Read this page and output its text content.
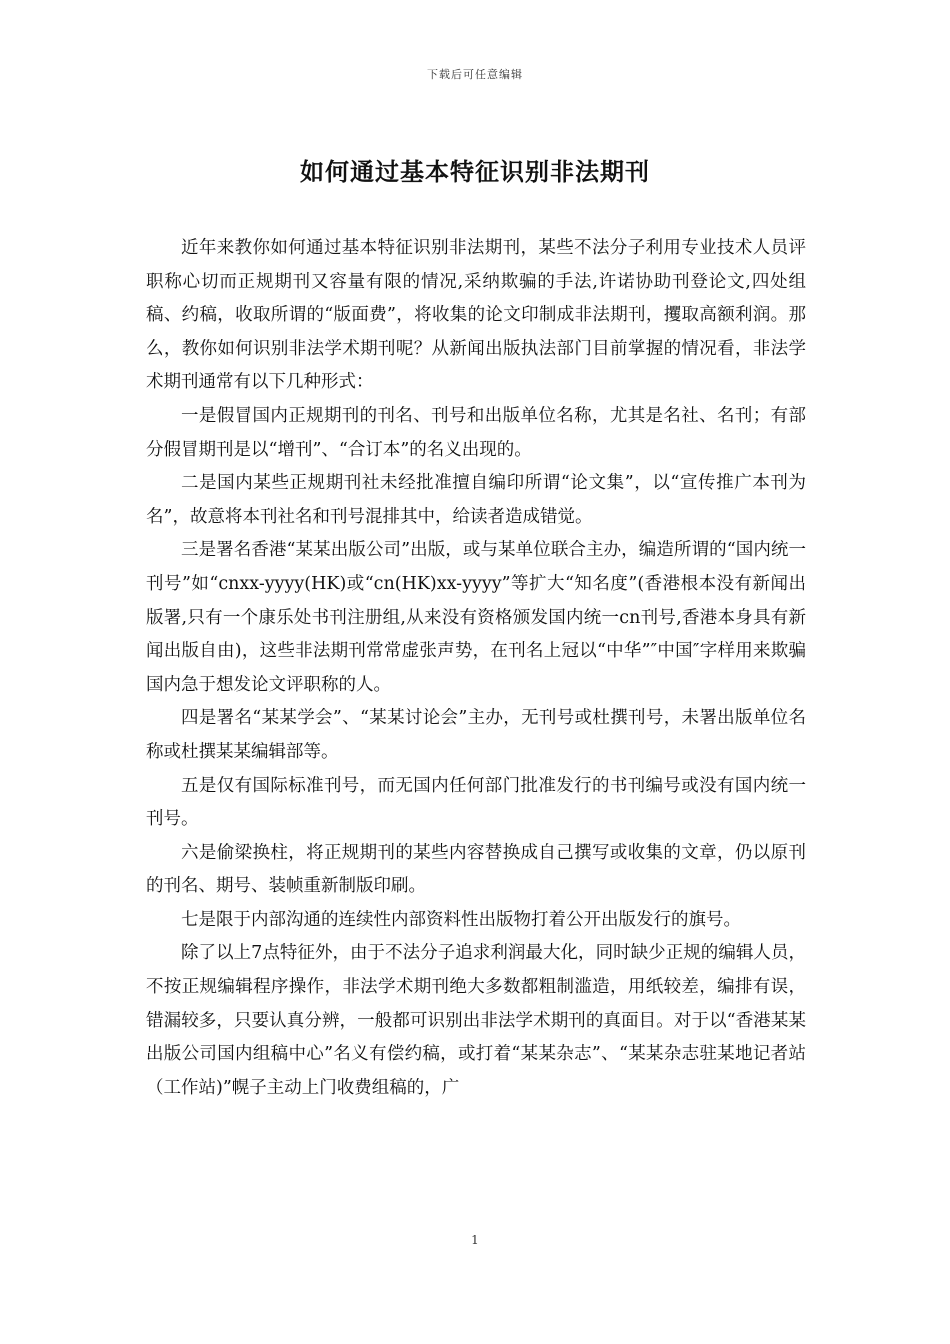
下载后可任意编辑
如何通过基本特征识别非法期刊

近年来教你如何通过基本特征识别非法期刊，某些不法分子利用专业技术人员评职称心切而正规期刊又容量有限的情况,采纳欺骗的手法,许诺协助刊登论文,四处组稿、约稿，收取所谓的“版面费”，将收集的论文印制成非法期刊，攫取高额利润。那么，教你如何识别非法学术期刊呢？从新闻出版执法部门目前掌握的情况看，非法学术期刊通常有以下几种形式：

一是假冒国内正规期刊的刊名、刊号和出版单位名称，尤其是名社、名刊；有部分假冒期刊是以“增刊”、“合订本”的名义出现的。

二是国内某些正规期刊社未经批准擅自编印所谓“论文集”，以“宣传推广本刊为名”，故意将本刊社名和刊号混排其中，给读者造成错觉。

三是署名香港“某某出版公司”出版，或与某单位联合主办，编造所谓的“国内统一刊号”如“cnxx-yyyy(HK)或“cn(HK)xx-yyyy”等扩大“知名度”(香港根本没有新闻出版署,只有一个康乐处书刊注册组,从来没有资格颁发国内统一cn刊号,香港本身具有新闻出版自由)，这些非法期刊常常虚张声势，在刊名上冠以“中华”″中国″字样用来欺骗国内急于想发论文评职称的人。

四是署名“某某学会”、“某某讨论会”主办，无刊号或杜撰刊号，未署出版单位名称或杜撰某某编辑部等。

五是仅有国际标准刊号，而无国内任何部门批准发行的书刊编号或没有国内统一刊号。

六是偷梁换柱，将正规期刊的某些内容替换成自己撰写或收集的文章，仍以原刊的刊名、期号、装帧重新制版印刷。

七是限于内部沟通的连续性内部资料性出版物打着公开出版发行的旗号。

除了以上7点特征外，由于不法分子追求利润最大化，同时缺少正规的编辑人员，不按正规编辑程序操作，非法学术期刊绝大多数都粗制滥造，用纸较差，编排有误，错漏较多，只要认真分辨，一般都可识别出非法学术期刊的真面目。对于以“香港某某出版公司国内组稿中心”名义有偿约稿，或打着“某某杂志”、“某某杂志驻某地记者站（工作站)”幌子主动上门收费组稿的，广

1
